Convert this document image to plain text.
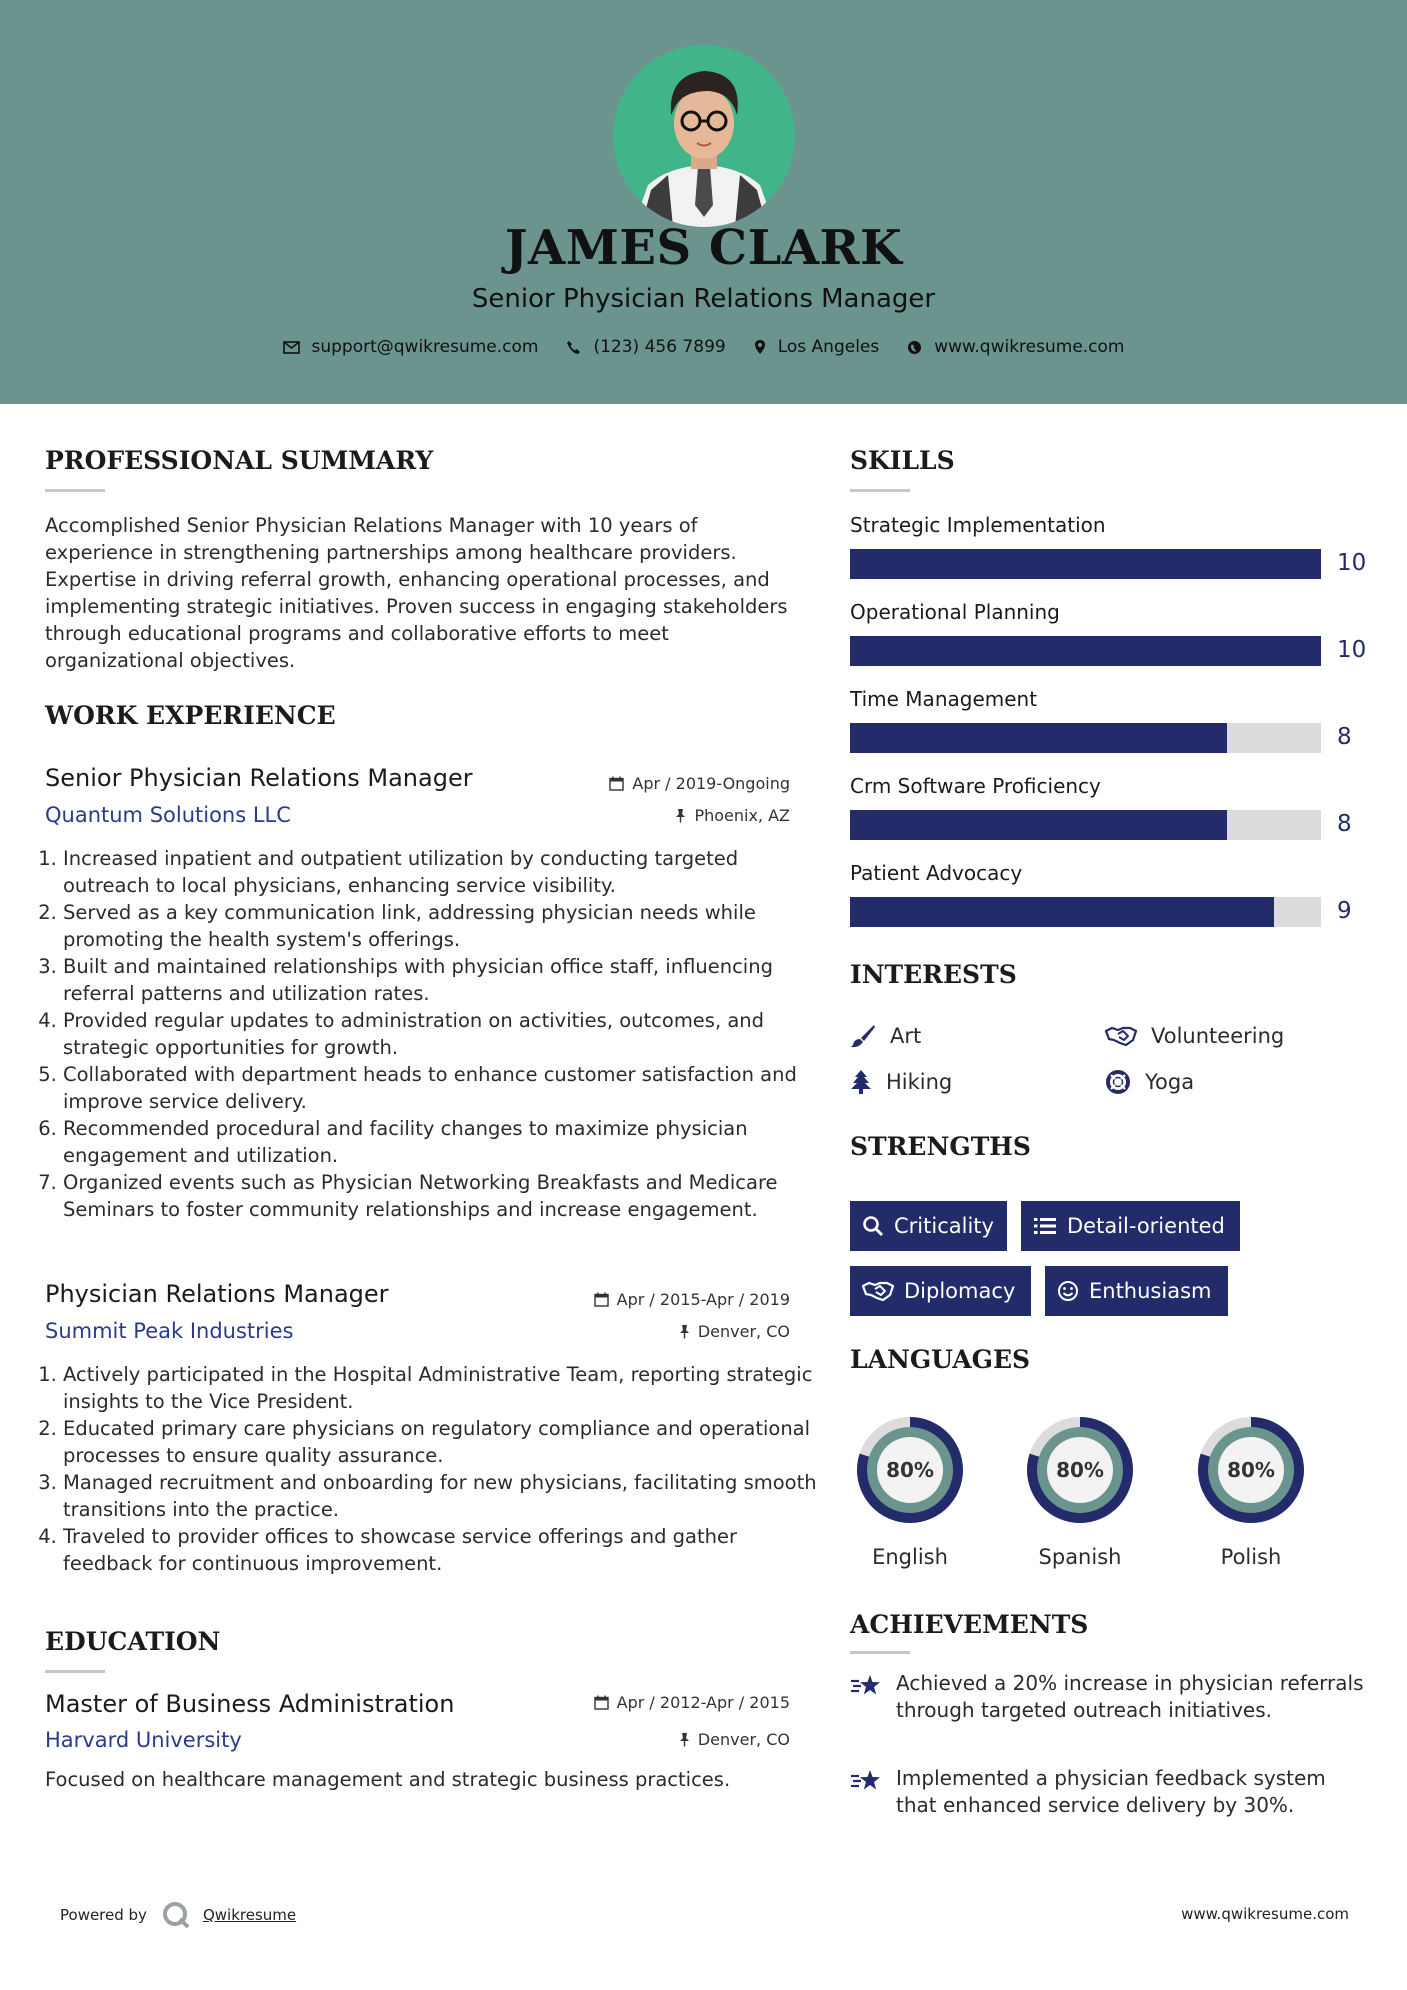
JAMES CLARK
Senior Physician Relations Manager
support@qwikresume.com	(123) 456 7899	Los Angeles	www.qwikresume.com
PROFESSIONAL SUMMARY
Accomplished Senior Physician Relations Manager with 10 years of experience in strengthening partnerships among healthcare providers. Expertise in driving referral growth, enhancing operational processes, and implementing strategic initiatives. Proven success in engaging stakeholders through educational programs and collaborative efforts to meet organizational objectives.
WORK EXPERIENCE
Senior Physician Relations Manager	Apr / 2019-Ongoing
Quantum Solutions LLC	Phoenix, AZ
1. Increased inpatient and outpatient utilization by conducting targeted outreach to local physicians, enhancing service visibility.
2. Served as a key communication link, addressing physician needs while promoting the health system's offerings.
3. Built and maintained relationships with physician office staff, influencing referral patterns and utilization rates.
4. Provided regular updates to administration on activities, outcomes, and strategic opportunities for growth.
5. Collaborated with department heads to enhance customer satisfaction and improve service delivery.
6. Recommended procedural and facility changes to maximize physician engagement and utilization.
7. Organized events such as Physician Networking Breakfasts and Medicare Seminars to foster community relationships and increase engagement.
Physician Relations Manager	Apr / 2015-Apr / 2019
Summit Peak Industries	Denver, CO
1. Actively participated in the Hospital Administrative Team, reporting strategic insights to the Vice President.
2. Educated primary care physicians on regulatory compliance and operational processes to ensure quality assurance.
3. Managed recruitment and onboarding for new physicians, facilitating smooth transitions into the practice.
4. Traveled to provider offices to showcase service offerings and gather feedback for continuous improvement.
EDUCATION
Master of Business Administration	Apr / 2012-Apr / 2015
Harvard University	Denver, CO
Focused on healthcare management and strategic business practices.
SKILLS
Strategic Implementation
10
Operational Planning
10
Time Management
8
Crm Software Proficiency
8
Patient Advocacy
9
INTERESTS
Art	Volunteering
Hiking	Yoga
STRENGTHS
Criticality	Detail-oriented
Diplomacy	Enthusiasm
LANGUAGES
80%	80%	80%
English	Spanish	Polish
ACHIEVEMENTS
Achieved a 20% increase in physician referrals through targeted outreach initiatives.
Implemented a physician feedback system that enhanced service delivery by 30%.
Powered by	Qwikresume	www.qwikresume.com
